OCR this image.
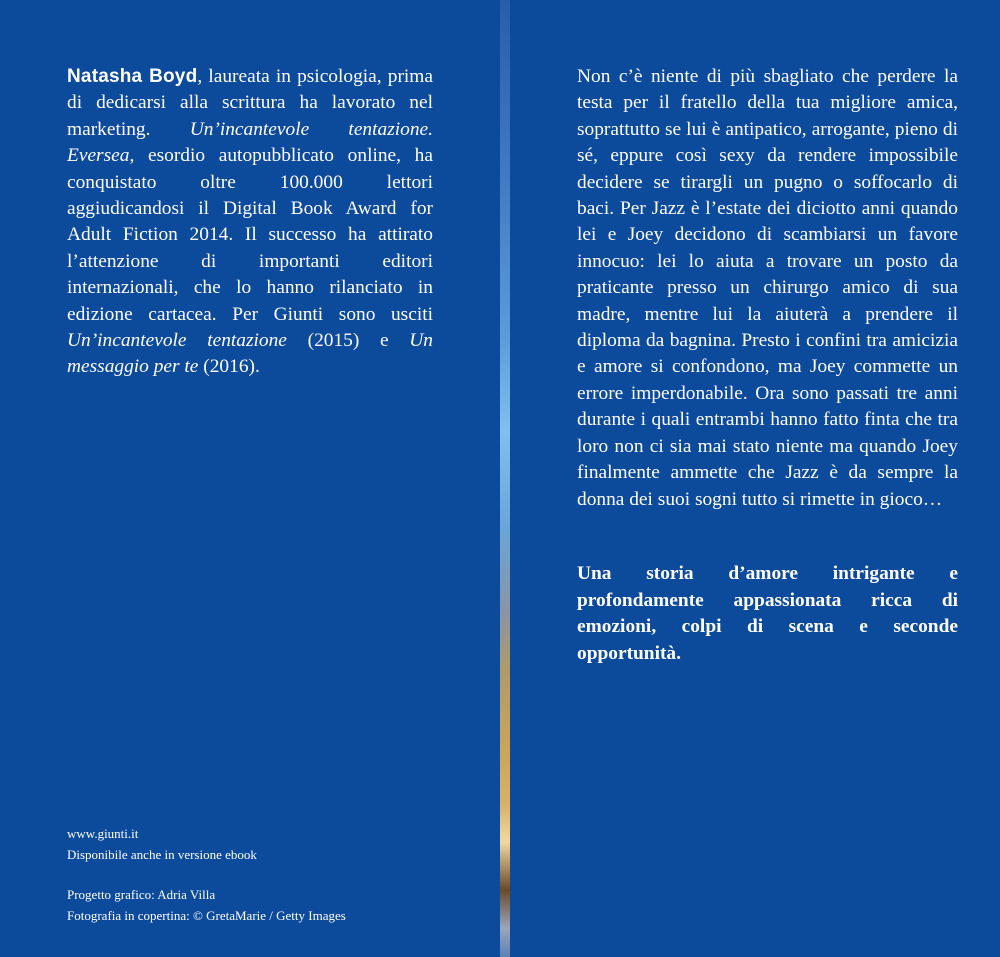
Natasha Boyd, laureata in psicologia, prima di dedicarsi alla scrittura ha lavorato nel marketing. Un’incantevole tentazione. Eversea, esordio autopubblicato online, ha conquistato oltre 100.000 lettori aggiudicandosi il Digital Book Award for Adult Fiction 2014. Il successo ha attirato l’attenzione di importanti editori internazionali, che lo hanno rilanciato in edizione cartacea. Per Giunti sono usciti Un’incantevole tentazione (2015) e Un messaggio per te (2016).

www.giunti.it
Disponibile anche in versione ebook
Progetto grafico: Adria Villa
Fotografia in copertina: © GretaMarie / Getty Images

Non c’è niente di più sbagliato che perdere la testa per il fratello della tua migliore amica, soprattutto se lui è antipatico, arrogante, pieno di sé, eppure così sexy da rendere impossibile decidere se tirargli un pugno o soffocarlo di baci. Per Jazz è l’estate dei diciotto anni quando lei e Joey decidono di scambiarsi un favore innocuo: lei lo aiuta a trovare un posto da praticante presso un chirurgo amico di sua madre, mentre lui la aiuterà a prendere il diploma da bagnina. Presto i confini tra amicizia e amore si confondono, ma Joey commette un errore imperdonabile. Ora sono passati tre anni durante i quali entrambi hanno fatto finta che tra loro non ci sia mai stato niente ma quando Joey finalmente ammette che Jazz è da sempre la donna dei suoi sogni tutto si rimette in gioco…

Una storia d’amore intrigante e profondamente appassionata ricca di emozioni, colpi di scena e seconde opportunità.
